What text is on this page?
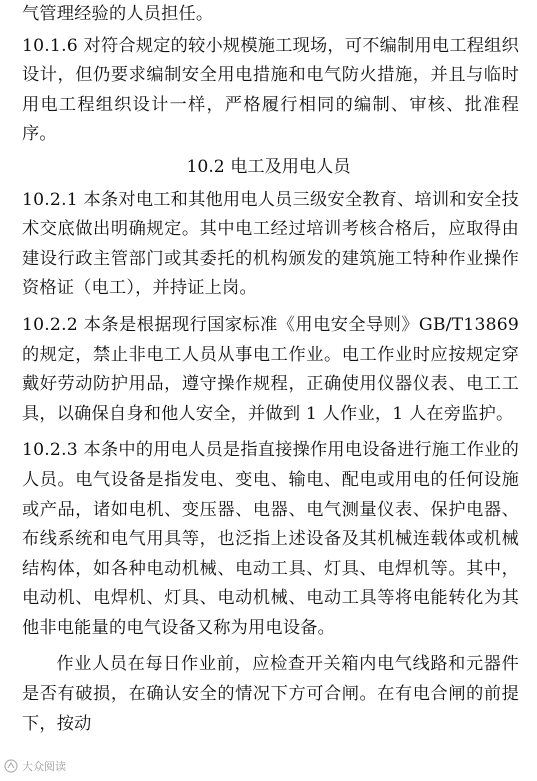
气管理经验的人员担任。

10.1.6 对符合规定的较小规模施工现场，可不编制用电工程组织设计，但仍要求编制安全用电措施和电气防火措施，并且与临时用电工程组织设计一样，严格履行相同的编制、审核、批准程序。

10.2 电工及用电人员

10.2.1 本条对电工和其他用电人员三级安全教育、培训和安全技术交底做出明确规定。其中电工经过培训考核合格后，应取得由建设行政主管部门或其委托的机构颁发的建筑施工特种作业操作资格证（电工），并持证上岗。

10.2.2 本条是根据现行国家标准《用电安全导则》GB/T13869 的规定，禁止非电工人员从事电工作业。电工作业时应按规定穿戴好劳动防护用品，遵守操作规程，正确使用仪器仪表、电工工具，以确保自身和他人安全，并做到 1 人作业，1 人在旁监护。

10.2.3 本条中的用电人员是指直接操作用电设备进行施工作业的人员。电气设备是指发电、变电、输电、配电或用电的任何设施或产品，诸如电机、变压器、电器、电气测量仪表、保护电器、布线系统和电气用具等，也泛指上述设备及其机械连载体或机械结构体，如各种电动机械、电动工具、灯具、电焊机等。其中，电动机、电焊机、灯具、电动机械、电动工具等将电能转化为其他非电能量的电气设备又称为用电设备。

作业人员在每日作业前，应检查开关箱内电气线路和元器件是否有破损，在确认安全的情况下方可合闸。在有电合闸的前提下，按动

大众阅读
